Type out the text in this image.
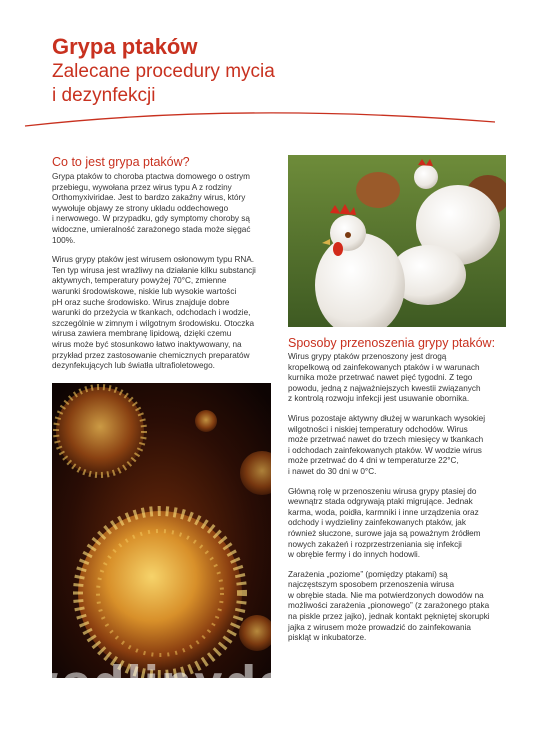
Grypa ptaków
Zalecane procedury mycia
i dezynfekcji
Co to jest grypa ptaków?

Grypa ptaków to choroba ptactwa domowego o ostrym
przebiegu, wywołana przez wirus typu A z rodziny
Orthomyxiviridae. Jest to bardzo zakaźny wirus, który
wywołuje objawy ze strony układu oddechowego
i nerwowego. W przypadku, gdy symptomy choroby są
widoczne, umieralność zarażonego stada może sięgać
100%.

Wirus grypy ptaków jest wirusem osłonowym typu RNA.
Ten typ wirusa jest wrażliwy na działanie kilku substancji
aktywnych, temperatury powyżej 70°C, zmienne
warunki środowiskowe, niskie lub wysokie wartości
pH oraz suche środowisko. Wirus znajduje dobre
warunki do przeżycia w tkankach, odchodach i wodzie,
szczególnie w zimnym i wilgotnym środowisku. Otoczka
wirusa zawiera membranę lipidową, dzięki czemu
wirus może być stosunkowo łatwo inaktywowany, na
przykład przez zastosowanie chemicznych preparatów
dezynfekujących lub światła ultrafioletowego.

Sposoby przenoszenia grypy ptaków:

Wirus grypy ptaków przenoszony jest drogą
kropelkową od zainfekowanych ptaków i w warunach
kurnika może przetrwać nawet pięć tygodni. Z tego
powodu, jedną z najważniejszych kwestii związanych
z kontrolą rozwoju infekcji jest usuwanie obornika.

Wirus pozostaje aktywny dłużej w warunkach wysokiej
wilgotności i niskiej temperatury odchodów. Wirus
może przetrwać nawet do trzech miesięcy w tkankach
i odchodach zainfekowanych ptaków. W wodzie wirus
może przetrwać do 4 dni w temperaturze 22°C,
i nawet do 30 dni w 0°C.

Główną rolę w przenoszeniu wirusa grypy ptasiej do
wewnątrz stada odgrywają ptaki migrujące. Jednak
karma, woda, poidła, karmniki i inne urządzenia oraz
odchody i wydzieliny zainfekowanych ptaków, jak
również słuczone, surowe jaja są poważnym źródłem
nowych zakażeń i rozprzestrzeniania się infekcji
w obrębie fermy i do innych hodowli.

Zarażenia „poziome” (pomiędzy ptakami) są
najczęstszym sposobem przenoszenia wirusa
w obrębie stada. Nie ma potwierdzonych dowodów na
możliwości zarażenia „pionowego” (z zarażonego ptaka
na piskle przez jajko), jednak kontakt pękniętej skorupki
jajka z wirusem może prowadzić do zainfekowania
piskląt w inkubatorze.

wedlinydomowe.pl
